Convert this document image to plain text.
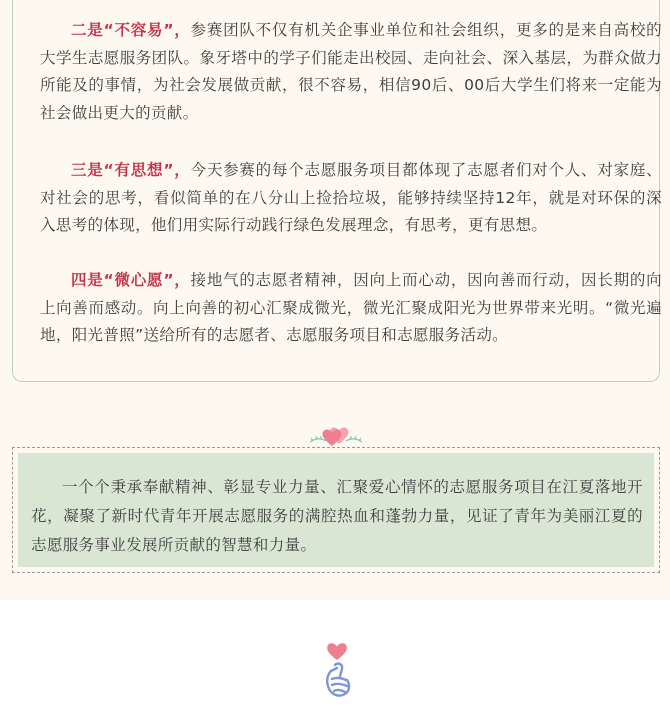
二是“不容易”，参赛团队不仅有机关企事业单位和社会组织，更多的是来自高校的大学生志愿服务团队。象牙塔中的学子们能走出校园、走向社会、深入基层，为群众做力所能及的事情，为社会发展做贡献，很不容易，相信90后、00后大学生们将来一定能为社会做出更大的贡献。

三是“有思想”，今天参赛的每个志愿服务项目都体现了志愿者们对个人、对家庭、对社会的思考，看似简单的在八分山上捡拾垃圾，能够持续坚持12年，就是对环保的深入思考的体现，他们用实际行动践行绿色发展理念，有思考，更有思想。

四是“微心愿”，接地气的志愿者精神，因向上而心动，因向善而行动，因长期的向上向善而感动。向上向善的初心汇聚成微光，微光汇聚成阳光为世界带来光明。“微光遍地，阳光普照”送给所有的志愿者、志愿服务项目和志愿服务活动。

一个个秉承奉献精神、彰显专业力量、汇聚爱心情怀的志愿服务项目在江夏落地开花，凝聚了新时代青年开展志愿服务的满腔热血和蓬勃力量，见证了青年为美丽江夏的志愿服务事业发展所贡献的智慧和力量。
